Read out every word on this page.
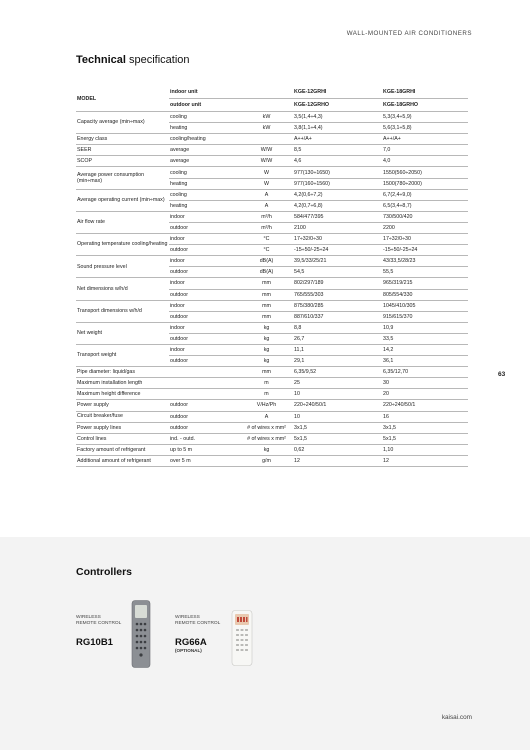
WALL-MOUNTED AIR CONDITIONERS
Technical specification
MODEL	indoor unit		KGE-12GRHI	KGE-18GRHI
	outdoor unit		KGE-12GRHO	KGE-18GRHO
Capacity average (min÷max)	cooling	kW	3,5(1,4÷4,3)	5,3(3,4÷5,9)
	heating	kW	3,8(1,1÷4,4)	5,6(3,1÷5,8)
Energy class	cooling/heating		A++/A+	A++/A+
SEER	average	W/W	8,5	7,0
SCOP	average	W/W	4,6	4,0
Average power consumption (min÷max)	cooling	W	977(130÷1650)	1550(560÷2050)
	heating	W	977(160÷1560)	1500(780÷2000)
Average operating current (min÷max)	cooling	A	4,2(0,6÷7,2)	6,7(2,4÷9,0)
	heating	A	4,2(0,7÷6,8)	6,5(3,4÷8,7)
Air flow rate	indoor	m³/h	584/477/395	730/500/420
	outdoor	m³/h	2100	2200
Operating temperature cooling/heating	indoor	°C	17÷32/0÷30	17÷32/0÷30
	outdoor	°C	-15÷50/-25÷24	-15÷50/-25÷24
Sound pressure level	indoor	dB(A)	39,5/33/25/21	43/33,5/28/23
	outdoor	dB(A)	54,5	55,5
Net dimensions w/h/d	indoor	mm	802/297/189	965/319/215
	outdoor	mm	765/555/303	805/554/330
Transport dimensions w/h/d	indoor	mm	875/380/285	1045/410/305
	outdoor	mm	887/610/337	915/615/370
Net weight	indoor	kg	8,8	10,9
	outdoor	kg	26,7	33,5
Transport weight	indoor	kg	11,1	14,2
	outdoor	kg	29,1	36,1
Pipe diameter: liquid/gas		mm	6,35/9,52	6,35/12,70
Maximum installation length		m	25	30
Maximum height difference		m	10	20
Power supply	outdoor	V/Hz/Ph	220÷240/50/1	220÷240/50/1
Circuit breaker/fuse	outdoor	A	10	16
Power supply lines	outdoor	# of wires x mm²	3x1,5	3x1,5
Control lines	ind. - outd.	# of wires x mm²	5x1,5	5x1,5
Factory amount of refrigerant	up to 5 m	kg	0,62	1,10
Additional amount of refrigerant	over 5 m	g/m	12	12
63
Controllers
WIRELESS
REMOTE CONTROL
RG10B1
WIRELESS
REMOTE CONTROL
RG66A
(OPTIONAL)
kaisai.com
